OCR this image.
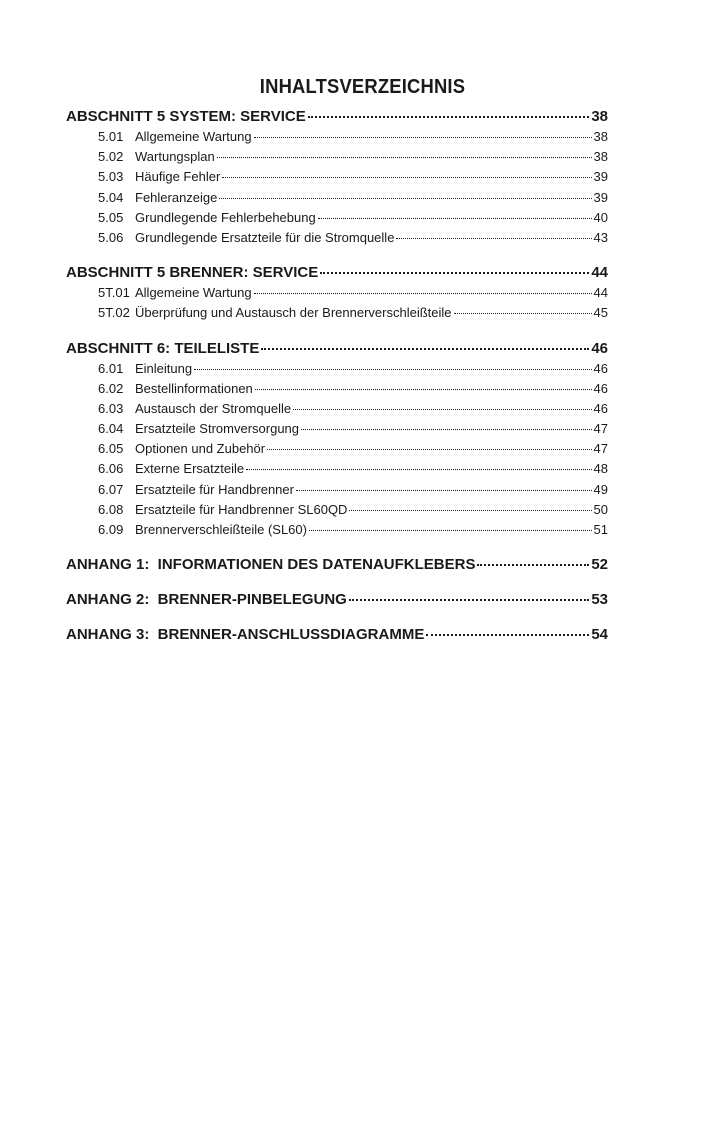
INHALTSVERZEICHNIS
ABSCHNITT 5 SYSTEM: SERVICE	38
5.01 Allgemeine Wartung	38
5.02 Wartungsplan	38
5.03 Häufige Fehler	39
5.04 Fehleranzeige	39
5.05 Grundlegende Fehlerbehebung	40
5.06 Grundlegende Ersatzteile für die Stromquelle	43
ABSCHNITT 5 BRENNER: SERVICE	44
5T.01 Allgemeine Wartung	44
5T.02 Überprüfung und Austausch der Brennerverschleißteile	45
ABSCHNITT 6: TEILELISTE	46
6.01 Einleitung	46
6.02 Bestellinformationen	46
6.03 Austausch der Stromquelle	46
6.04 Ersatzteile Stromversorgung	47
6.05 Optionen und Zubehör	47
6.06 Externe Ersatzteile	48
6.07 Ersatzteile für Handbrenner	49
6.08 Ersatzteile für Handbrenner SL60QD	50
6.09 Brennerverschleißteile (SL60)	51
ANHANG 1:  INFORMATIONEN DES DATENAUFKLEBERS	52
ANHANG 2:  BRENNER-PINBELEGUNG	53
ANHANG 3:  BRENNER-ANSCHLUSSDIAGRAMME	54
